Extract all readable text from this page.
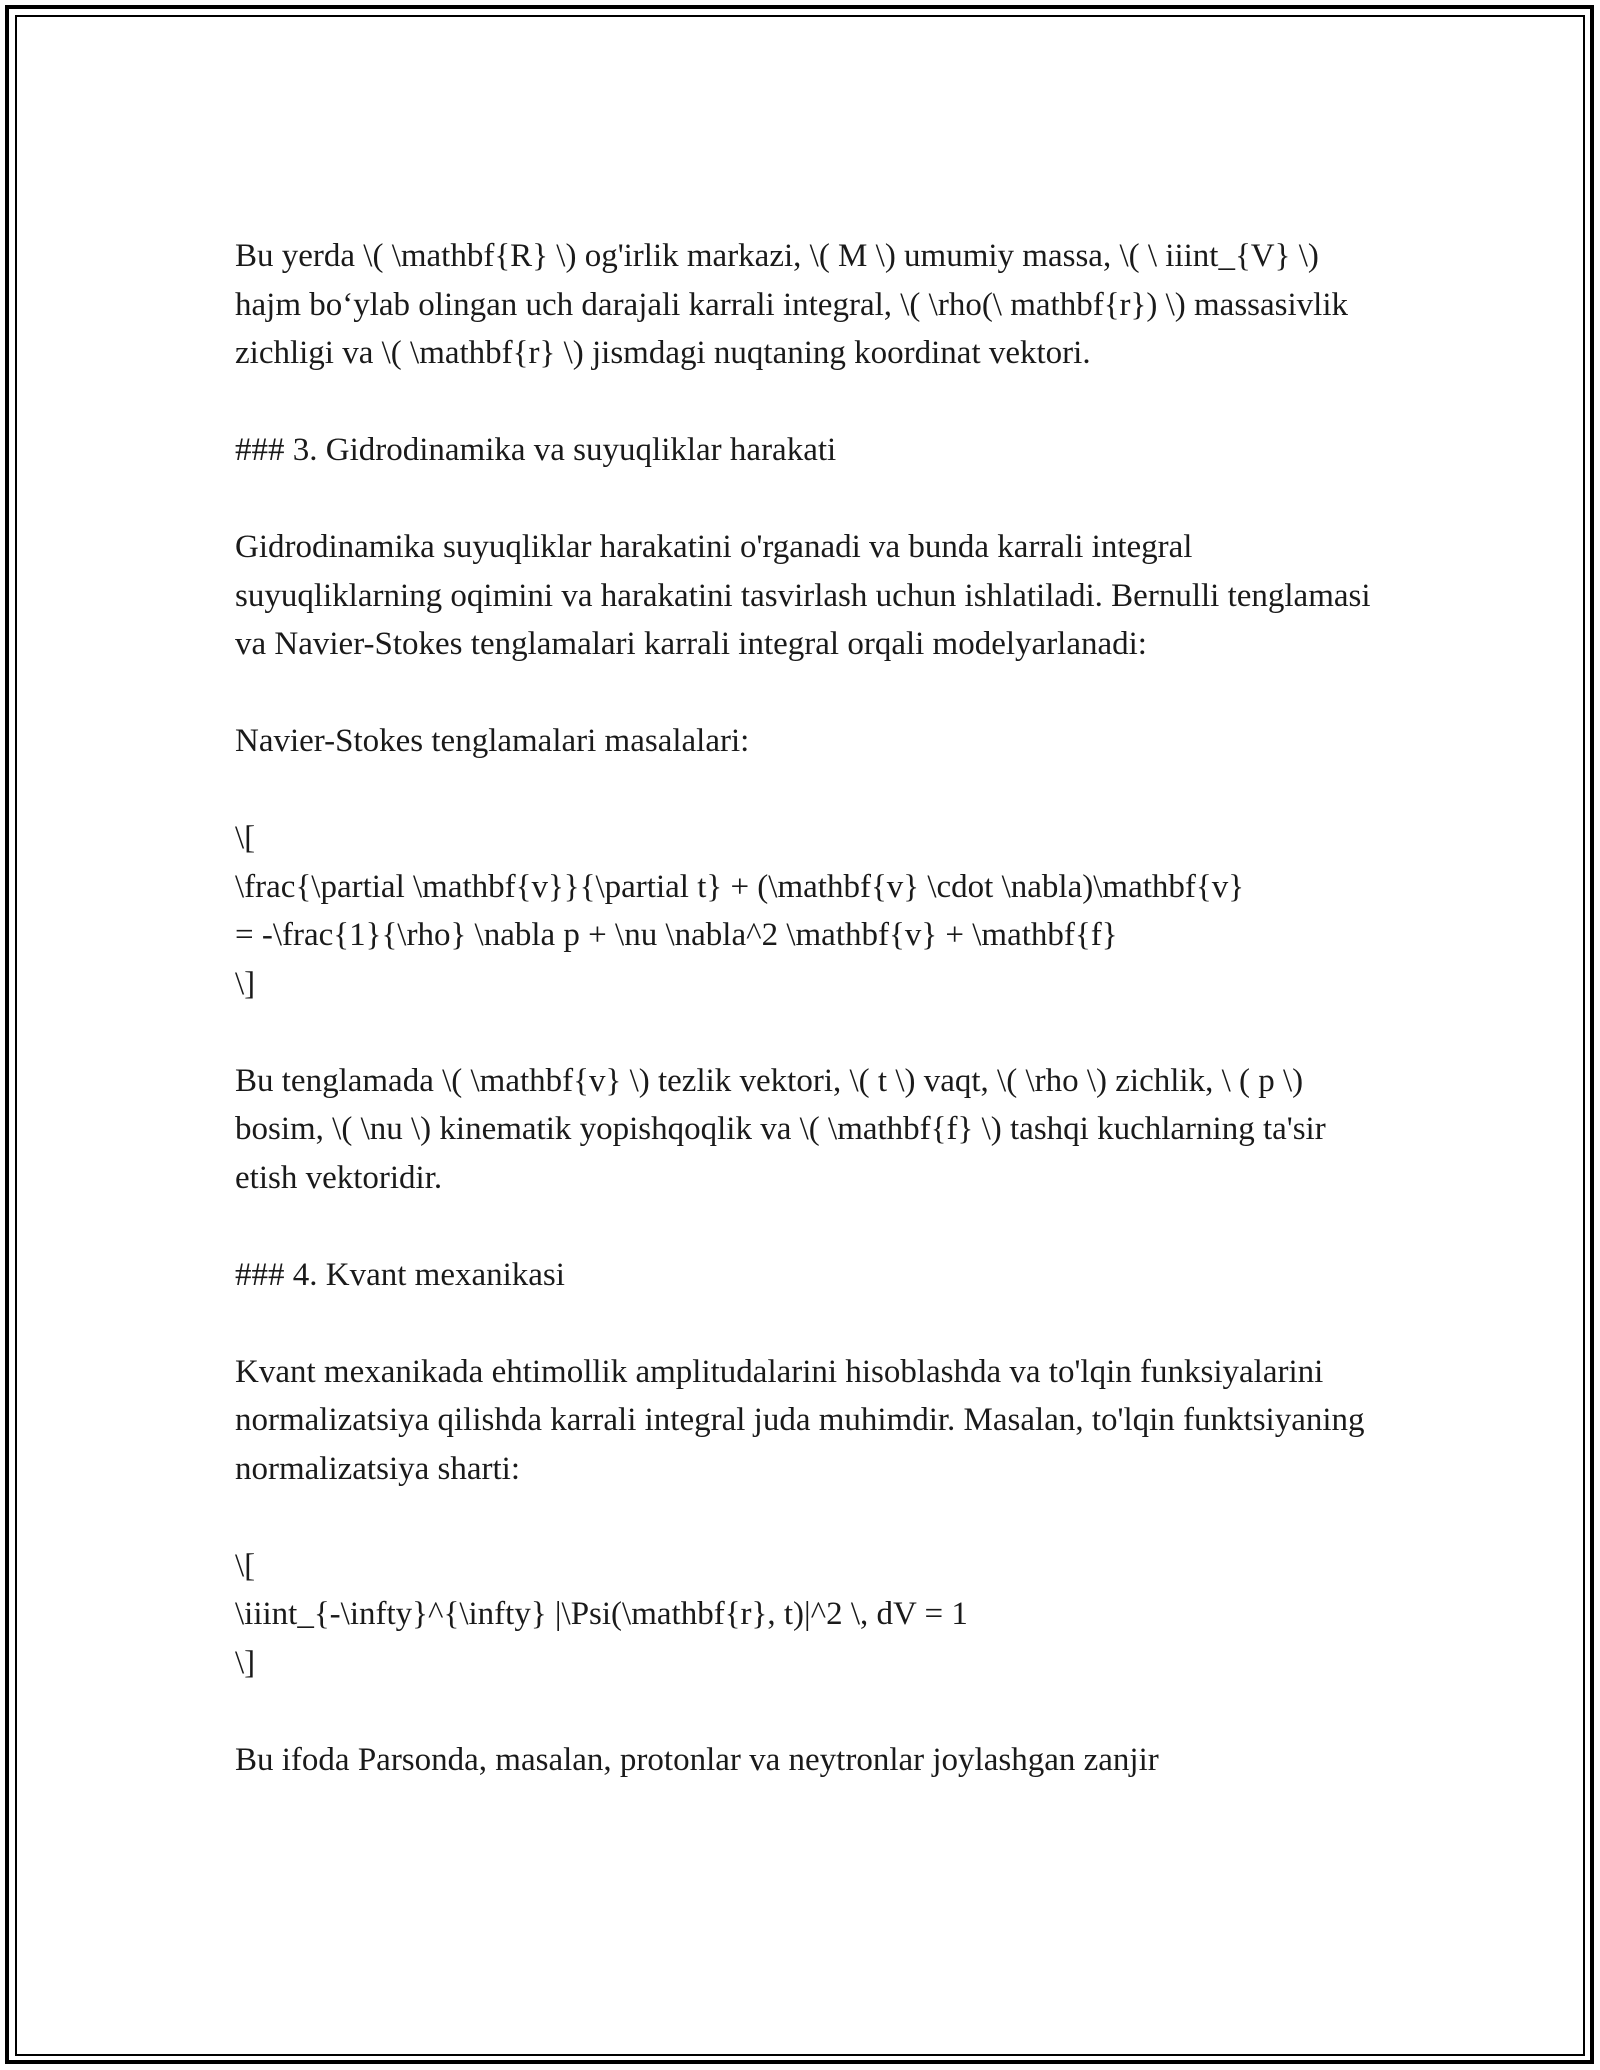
Bu yerda \( \mathbf{R} \) og'irlik markazi, \( M \) umumiy massa, \( \ iiint_{V} \) hajm bo‘ylab olingan uch darajali karrali integral, \( \rho(\ mathbf{r}) \) massasivlik zichligi va \( \mathbf{r} \) jismdagi nuqtaning koordinat vektori.

### 3. Gidrodinamika va suyuqliklar harakati

Gidrodinamika suyuqliklar harakatini o'rganadi va bunda karrali integral suyuqliklarning oqimini va harakatini tasvirlash uchun ishlatiladi. Bernulli tenglamasi va Navier-Stokes tenglamalari karrali integral orqali modelyarlanadi:

Navier-Stokes tenglamalari masalalari:

\[
\frac{\partial \mathbf{v}}{\partial t} + (\mathbf{v} \cdot \nabla)\mathbf{v}
= -\frac{1}{\rho} \nabla p + \nu \nabla^2 \mathbf{v} + \mathbf{f}
\]

Bu tenglamada \( \mathbf{v} \) tezlik vektori, \( t \) vaqt, \( \rho \) zichlik, \ ( p \) bosim, \( \nu \) kinematik yopishqoqlik va \( \mathbf{f} \) tashqi kuchlarning ta'sir etish vektoridir.

### 4. Kvant mexanikasi

Kvant mexanikada ehtimollik amplitudalarini hisoblashda va to'lqin funksiyalarini normalizatsiya qilishda karrali integral juda muhimdir. Masalan, to'lqin funktsiyaning normalizatsiya sharti:

\[
\iiint_{-\infty}^{\infty} |\Psi(\mathbf{r}, t)|^2 \, dV = 1
\]

Bu ifoda Parsonda, masalan, protonlar va neytronlar joylashgan zanjir
